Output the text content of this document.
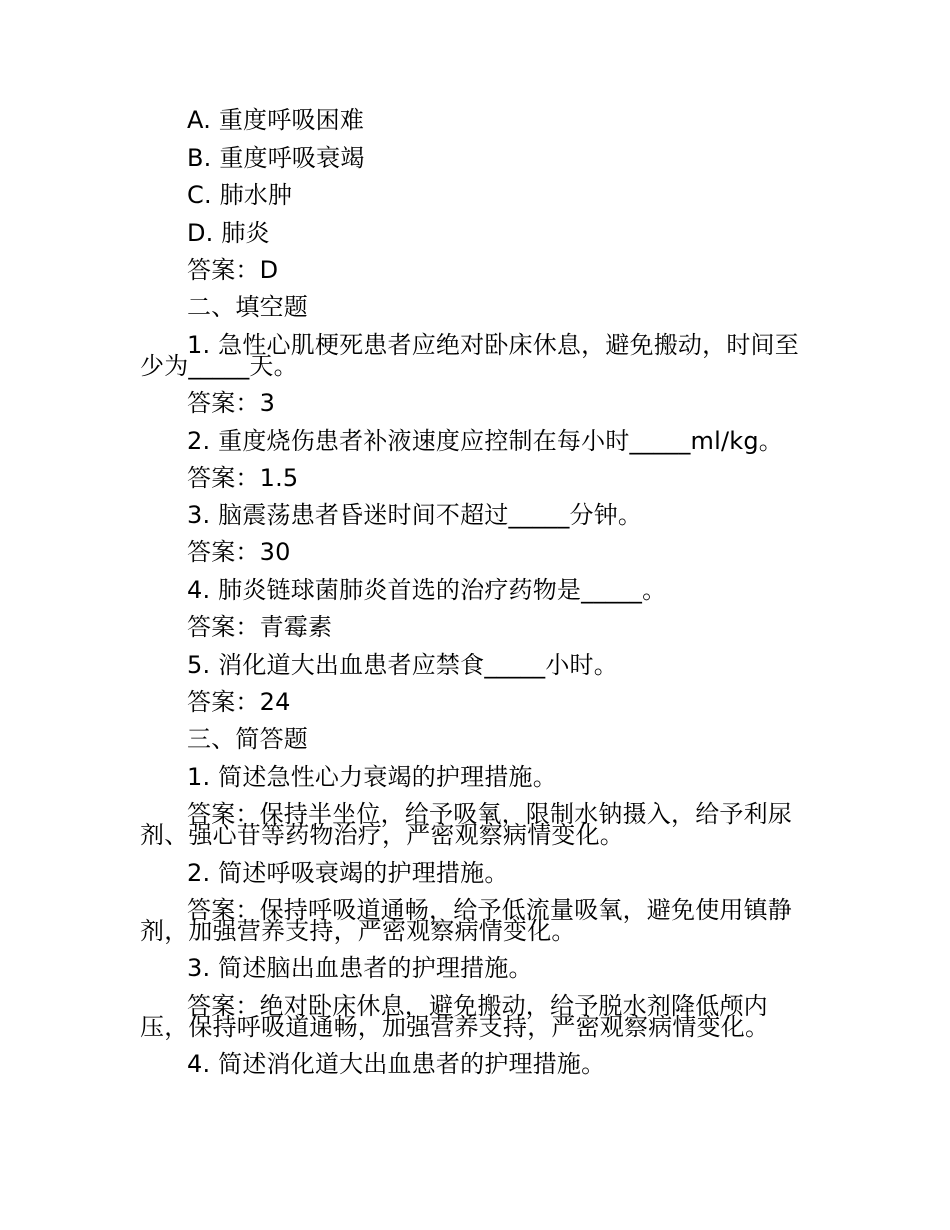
A. 重度呼吸困难
B. 重度呼吸衰竭
C. 肺水肿
D. 肺炎
答案：D
二、填空题
1. 急性心肌梗死患者应绝对卧床休息，避免搬动，时间至
少为_____天。
答案：3
2. 重度烧伤患者补液速度应控制在每小时_____ml/kg。
答案：1.5
3. 脑震荡患者昏迷时间不超过_____分钟。
答案：30
4. 肺炎链球菌肺炎首选的治疗药物是_____。
答案：青霉素
5. 消化道大出血患者应禁食_____小时。
答案：24
三、简答题
1. 简述急性心力衰竭的护理措施。
答案：保持半坐位，给予吸氧，限制水钠摄入，给予利尿
剂、强心苷等药物治疗，严密观察病情变化。
2. 简述呼吸衰竭的护理措施。
答案：保持呼吸道通畅，给予低流量吸氧，避免使用镇静
剂，加强营养支持，严密观察病情变化。
3. 简述脑出血患者的护理措施。
答案：绝对卧床休息，避免搬动，给予脱水剂降低颅内
压，保持呼吸道通畅，加强营养支持，严密观察病情变化。
4. 简述消化道大出血患者的护理措施。
